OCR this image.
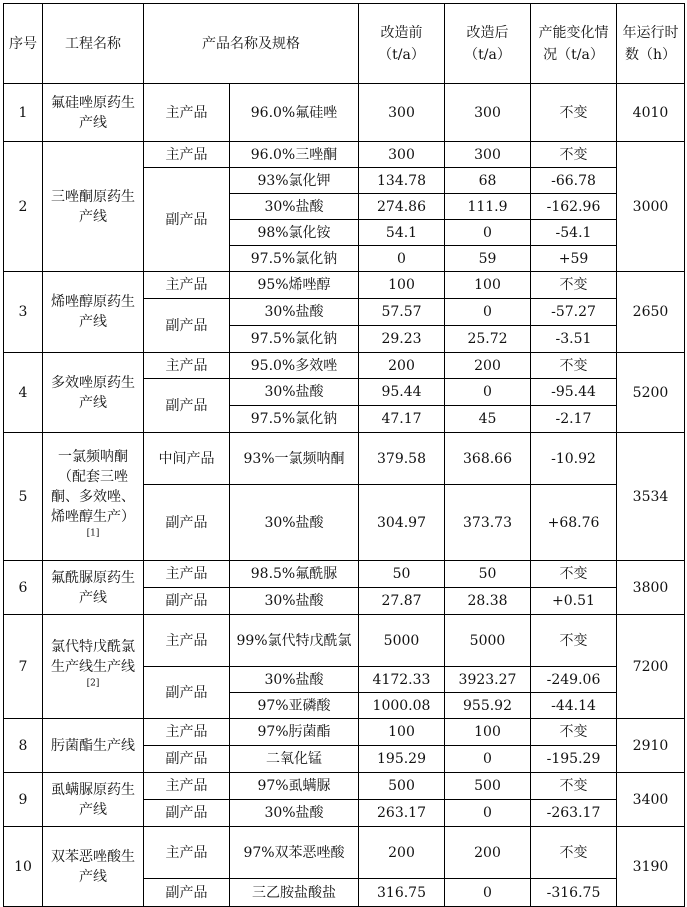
序号	工程名称	产品名称及规格		改造前（t/a）	改造后（t/a）	产能变化情况（t/a）	年运行时数（h）
1	氟硅唑原药生产线	主产品	96.0%氟硅唑	300	300	不变	4010
2	三唑酮原药生产线	主产品	96.0%三唑酮	300	300	不变	3000
		副产品	93%氯化钾	134.78	68	-66.78	
			30%盐酸	274.86	111.9	-162.96	
			98%氯化铵	54.1	0	-54.1	
			97.5%氯化钠	0	59	+59	
3	烯唑醇原药生产线	主产品	95%烯唑醇	100	100	不变	2650
		副产品	30%盐酸	57.57	0	-57.27	
			97.5%氯化钠	29.23	25.72	-3.51	
4	多效唑原药生产线	主产品	95.0%多效唑	200	200	不变	5200
		副产品	30%盐酸	95.44	0	-95.44	
			97.5%氯化钠	47.17	45	-2.17	
5	一氯频呐酮（配套三唑酮、多效唑、烯唑醇生产）[1]	中间产品	93%一氯频呐酮	379.58	368.66	-10.92	3534
		副产品	30%盐酸	304.97	373.73	+68.76	
6	氟酰脲原药生产线	主产品	98.5%氟酰脲	50	50	不变	3800
		副产品	30%盐酸	27.87	28.38	+0.51	
7	氯代特戊酰氯生产线生产线[2]	主产品	99%氯代特戊酰氯	5000	5000	不变	7200
		副产品	30%盐酸	4172.33	3923.27	-249.06	
			97%亚磷酸	1000.08	955.92	-44.14	
8	肟菌酯生产线	主产品	97%肟菌酯	100	100	不变	2910
		副产品	二氧化锰	195.29	0	-195.29	
9	虱螨脲原药生产线	主产品	97%虱螨脲	500	500	不变	3400
		副产品	30%盐酸	263.17	0	-263.17	
10	双苯恶唑酸生产线	主产品	97%双苯恶唑酸	200	200	不变	3190
		副产品	三乙胺盐酸盐	316.75	0	-316.75	
